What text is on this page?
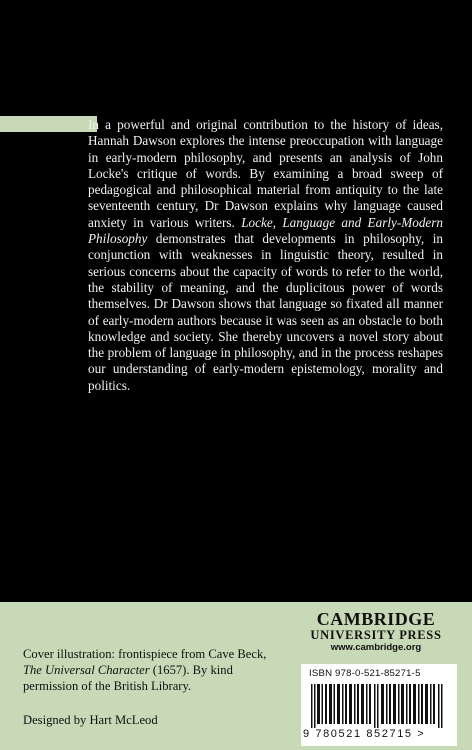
In a powerful and original contribution to the history of ideas, Hannah Dawson explores the intense preoccupation with language in early-modern philosophy, and presents an analysis of John Locke's critique of words. By examining a broad sweep of pedagogical and philosophical material from antiquity to the late seventeenth century, Dr Dawson explains why language caused anxiety in various writers. Locke, Language and Early-Modern Philosophy demonstrates that developments in philosophy, in conjunction with weaknesses in linguistic theory, resulted in serious concerns about the capacity of words to refer to the world, the stability of meaning, and the duplicitous power of words themselves. Dr Dawson shows that language so fixated all manner of early-modern authors because it was seen as an obstacle to both knowledge and society. She thereby uncovers a novel story about the problem of language in philosophy, and in the process reshapes our understanding of early-modern epistemology, morality and politics.

Cover illustration: frontispiece from Cave Beck, The Universal Character (1657). By kind permission of the British Library.

Designed by Hart McLeod

CAMBRIDGE
UNIVERSITY PRESS
www.cambridge.org
ISBN 978-0-521-85271-5
9 780521 852715 >
